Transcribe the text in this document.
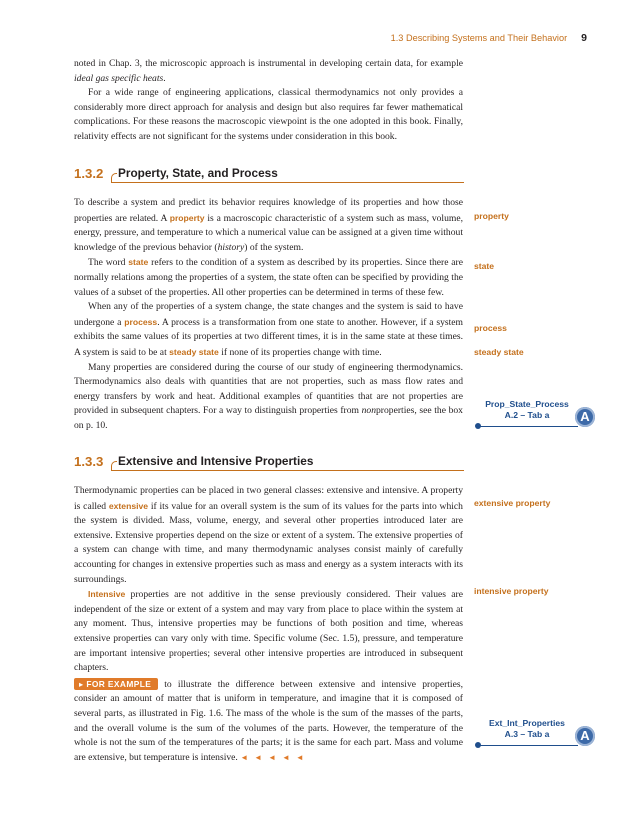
1.3 Describing Systems and Their Behavior 9

noted in Chap. 3, the microscopic approach is instrumental in developing certain data, for example ideal gas specific heats.

For a wide range of engineering applications, classical thermodynamics not only provides a considerably more direct approach for analysis and design but also requires far fewer mathematical complications. For these reasons the macroscopic viewpoint is the one adopted in this book. Finally, relativity effects are not significant for the systems under consideration in this book.

1.3.2 Property, State, and Process

To describe a system and predict its behavior requires knowledge of its properties and how those properties are related. A property is a macroscopic characteristic of a system such as mass, volume, energy, pressure, and temperature to which a numerical value can be assigned at a given time without knowledge of the previous behavior (history) of the system.

The word state refers to the condition of a system as described by its properties. Since there are normally relations among the properties of a system, the state often can be specified by providing the values of a subset of the properties. All other properties can be determined in terms of these few.

When any of the properties of a system change, the state changes and the system is said to have undergone a process. A process is a transformation from one state to another. However, if a system exhibits the same values of its properties at two different times, it is in the same state at these times. A system is said to be at steady state if none of its properties change with time.

Many properties are considered during the course of our study of engineering thermodynamics. Thermodynamics also deals with quantities that are not properties, such as mass flow rates and energy transfers by work and heat. Additional examples of quantities that are not properties are provided in subsequent chapters. For a way to distinguish properties from nonproperties, see the box on p. 10.

1.3.3 Extensive and Intensive Properties

Thermodynamic properties can be placed in two general classes: extensive and intensive. A property is called extensive if its value for an overall system is the sum of its values for the parts into which the system is divided. Mass, volume, energy, and several other properties introduced later are extensive. Extensive properties depend on the size or extent of a system. The extensive properties of a system can change with time, and many thermodynamic analyses consist mainly of carefully accounting for changes in extensive properties such as mass and energy as a system interacts with its surroundings.

Intensive properties are not additive in the sense previously considered. Their values are independent of the size or extent of a system and may vary from place to place within the system at any moment. Thus, intensive properties may be functions of both position and time, whereas extensive properties can vary only with time. Specific volume (Sec. 1.5), pressure, and temperature are important intensive properties; several other intensive properties are introduced in subsequent chapters.

▸ FOR EXAMPLE to illustrate the difference between extensive and intensive properties, consider an amount of matter that is uniform in temperature, and imagine that it is composed of several parts, as illustrated in Fig. 1.6. The mass of the whole is the sum of the masses of the parts, and the overall volume is the sum of the volumes of the parts. However, the temperature of the whole is not the sum of the temperatures of the parts; it is the same for each part. Mass and volume are extensive, but temperature is intensive. ◄ ◄ ◄ ◄ ◄

property
state
process
steady state
extensive property
intensive property
Prop_State_Process
A.2 – Tab a	A
Ext_Int_Properties
A.3 – Tab a	A
